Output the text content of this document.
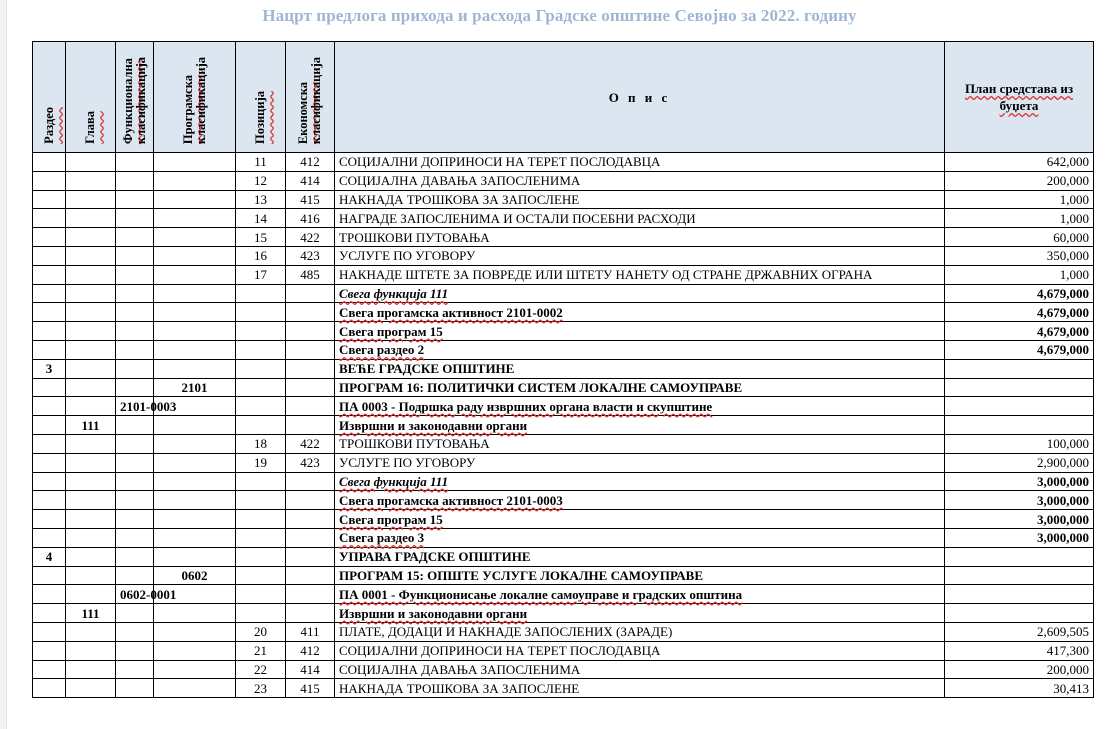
Нацрт предлога прихода и расхода Градске општине Севојно за 2022. годину
Раздео	Глава	Функционална класификација	Програмска класификација	Позиција	Економска класификација	О п и с	План средстава из
буџета
				11	412	СОЦИЈАЛНИ ДОПРИНОСИ НА ТЕРЕТ ПОСЛОДАВЦА	642,000
				12	414	СОЦИЈАЛНА ДАВАЊА ЗАПОСЛЕНИМА	200,000
				13	415	НАКНАДА ТРОШКОВА ЗА ЗАПОСЛЕНЕ	1,000
				14	416	НАГРАДЕ ЗАПОСЛЕНИМА И ОСТАЛИ ПОСЕБНИ РАСХОДИ	1,000
				15	422	ТРОШКОВИ ПУТОВАЊА	60,000
				16	423	УСЛУГЕ ПО УГОВОРУ	350,000
				17	485	НАКНАДЕ ШТЕТЕ ЗА ПОВРЕДЕ ИЛИ ШТЕТУ НАНЕТУ ОД СТРАНЕ ДРЖАВНИХ ОГРАНА	1,000
						Свега функција 111	4,679,000
						Свега прогамска активност 2101-0002	4,679,000
						Свега програм 15	4,679,000
						Свега раздео 2	4,679,000
3						ВЕЋЕ ГРАДСКЕ ОПШТИНЕ	
			2101			ПРОГРАМ 16: ПОЛИТИЧКИ СИСТЕМ ЛОКАЛНЕ САМОУПРАВЕ	
		2101-0003				ПА 0003 - Подршка раду извршних органа власти и скупштине	
	111					Извршни и законодавни органи	
				18	422	ТРОШКОВИ ПУТОВАЊА	100,000
				19	423	УСЛУГЕ ПО УГОВОРУ	2,900,000
						Свега функција 111	3,000,000
						Свега прогамска активност 2101-0003	3,000,000
						Свега програм 15	3,000,000
						Свега раздео 3	3,000,000
4						УПРАВА ГРАДСКЕ ОПШТИНЕ	
			0602			ПРОГРАМ 15: ОПШТЕ УСЛУГЕ ЛОКАЛНЕ САМОУПРАВЕ	
		0602-0001				ПА 0001 - Функционисање локалне самоуправе и градских општина	
	111					Извршни и законодавни органи	
				20	411	ПЛАТЕ, ДОДАЦИ И НАКНАДЕ ЗАПОСЛЕНИХ (ЗАРАДЕ)	2,609,505
				21	412	СОЦИЈАЛНИ ДОПРИНОСИ НА ТЕРЕТ ПОСЛОДАВЦА	417,300
				22	414	СОЦИЈАЛНА ДАВАЊА ЗАПОСЛЕНИМА	200,000
				23	415	НАКНАДА ТРОШКОВА ЗА ЗАПОСЛЕНЕ	30,413
